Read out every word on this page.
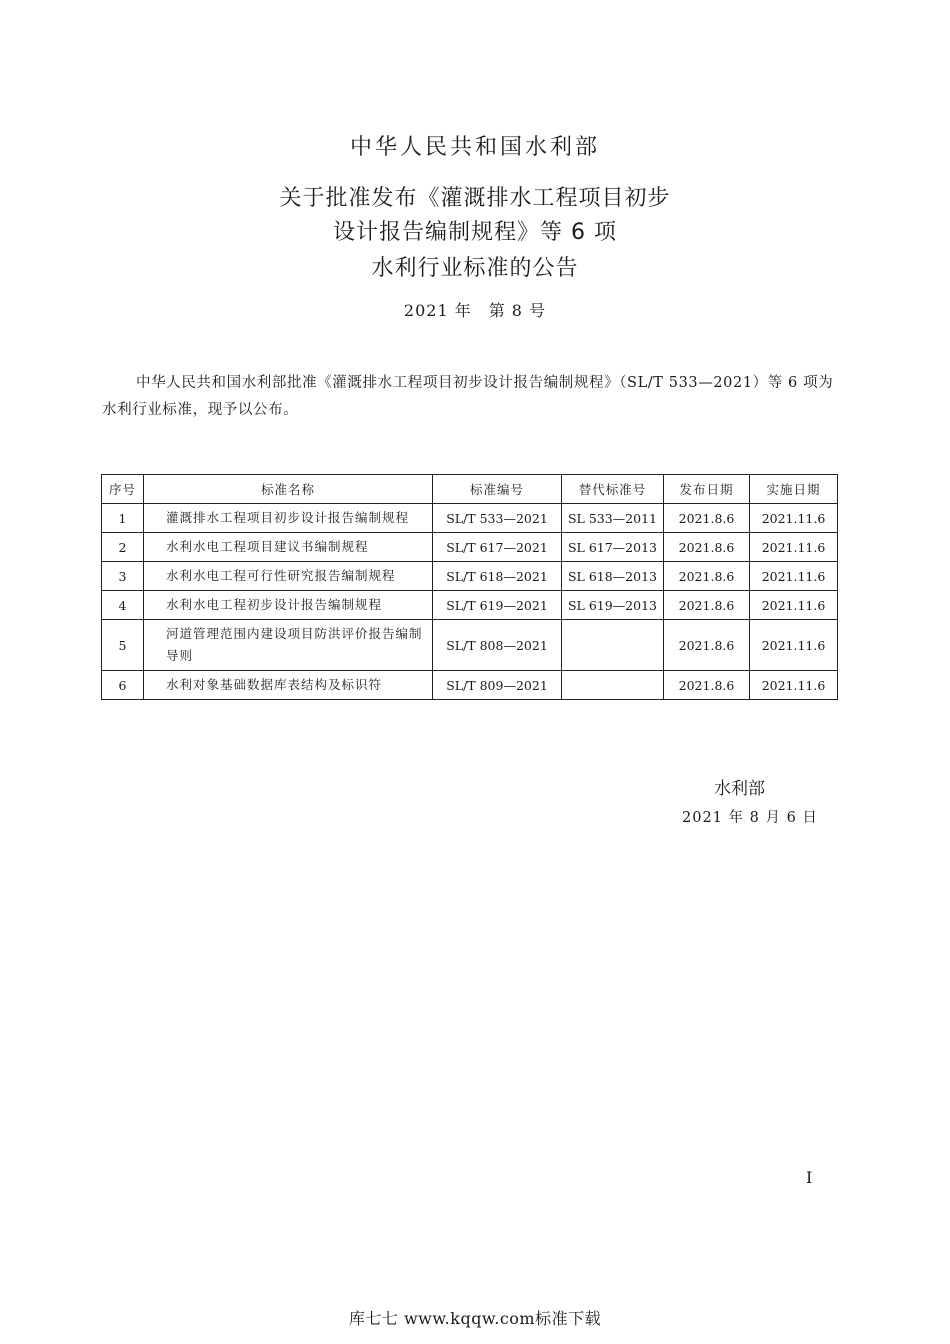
中华人民共和国水利部
关于批准发布《灌溉排水工程项目初步
设计报告编制规程》等 6 项
水利行业标准的公告
2021 年　第 8 号
中华人民共和国水利部批准《灌溉排水工程项目初步设计报告编制规程》（SL/T 533—2021）等 6 项为水利行业标准，现予以公布。
序号	标准名称	标准编号	替代标准号	发布日期	实施日期
1	灌溉排水工程项目初步设计报告编制规程	SL/T 533—2021	SL 533—2011	2021.8.6	2021.11.6
2	水利水电工程项目建议书编制规程	SL/T 617—2021	SL 617—2013	2021.8.6	2021.11.6
3	水利水电工程可行性研究报告编制规程	SL/T 618—2021	SL 618—2013	2021.8.6	2021.11.6
4	水利水电工程初步设计报告编制规程	SL/T 619—2021	SL 619—2013	2021.8.6	2021.11.6
5	河道管理范围内建设项目防洪评价报告编制导则	SL/T 808—2021		2021.8.6	2021.11.6
6	水利对象基础数据库表结构及标识符	SL/T 809—2021		2021.8.6	2021.11.6
水利部
2021 年 8 月 6 日
I
库七七 www.kqqw.com标准下载
